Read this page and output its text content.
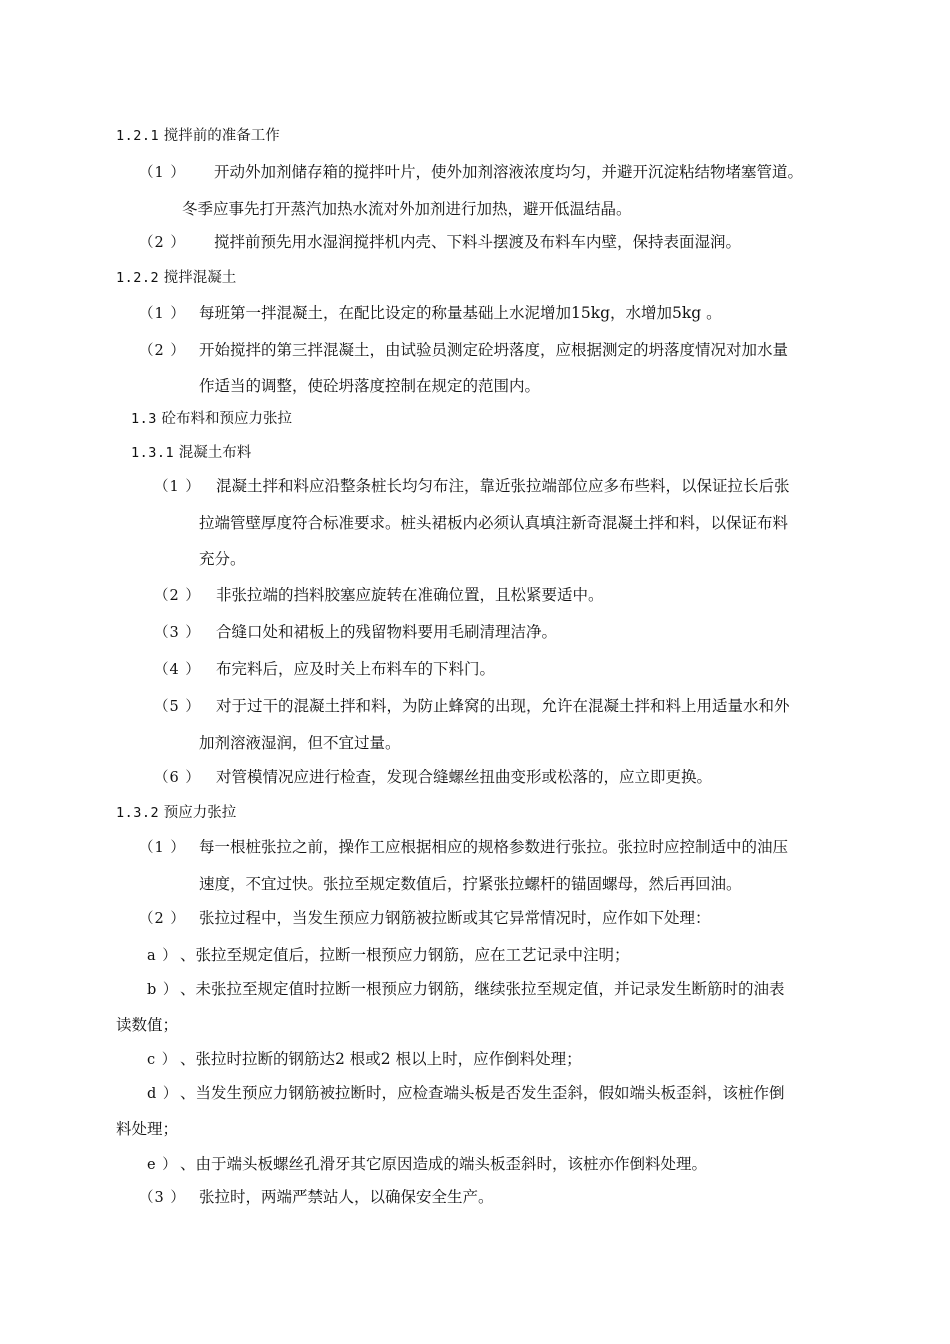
1.2.1 搅拌前的准备工作
（1 ） 开动外加剂储存箱的搅拌叶片，使外加剂溶液浓度均匀，并避开沉淀粘结物堵塞管道。
冬季应事先打开蒸汽加热水流对外加剂进行加热，避开低温结晶。
（2 ） 搅拌前预先用水湿润搅拌机内壳、下料斗摆渡及布料车内壁，保持表面湿润。
1.2.2 搅拌混凝土
（1 ） 每班第一拌混凝土，在配比设定的称量基础上水泥增加15kg，水增加5kg 。
（2 ） 开始搅拌的第三拌混凝土，由试验员测定砼坍落度，应根据测定的坍落度情况对加水量
作适当的调整，使砼坍落度控制在规定的范围内。
1.3 砼布料和预应力张拉
1.3.1 混凝土布料
（1 ） 混凝土拌和料应沿整条桩长均匀布注，靠近张拉端部位应多布些料，以保证拉长后张
拉端管壁厚度符合标准要求。桩头裙板内必须认真填注新奇混凝土拌和料，以保证布料
充分。
（2 ） 非张拉端的挡料胶塞应旋转在准确位置，且松紧要适中。
（3 ） 合缝口处和裙板上的残留物料要用毛刷清理洁净。
（4 ） 布完料后，应及时关上布料车的下料门。
（5 ） 对于过干的混凝土拌和料，为防止蜂窝的出现，允许在混凝土拌和料上用适量水和外
加剂溶液湿润，但不宜过量。
（6 ） 对管模情况应进行检查，发现合缝螺丝扭曲变形或松落的，应立即更换。
1.3.2 预应力张拉
（1 ） 每一根桩张拉之前，操作工应根据相应的规格参数进行张拉。张拉时应控制适中的油压
速度，不宜过快。张拉至规定数值后，拧紧张拉螺杆的锚固螺母，然后再回油。
（2 ） 张拉过程中，当发生预应力钢筋被拉断或其它异常情况时，应作如下处理：
a ） 、张拉至规定值后，拉断一根预应力钢筋，应在工艺记录中注明；
b ） 、未张拉至规定值时拉断一根预应力钢筋，继续张拉至规定值，并记录发生断筋时的油表
读数值；
c ） 、张拉时拉断的钢筋达2 根或2 根以上时，应作倒料处理；
d ） 、当发生预应力钢筋被拉断时，应检查端头板是否发生歪斜，假如端头板歪斜，该桩作倒
料处理；
e ） 、由于端头板螺丝孔滑牙其它原因造成的端头板歪斜时，该桩亦作倒料处理。
（3 ） 张拉时，两端严禁站人，以确保安全生产。
